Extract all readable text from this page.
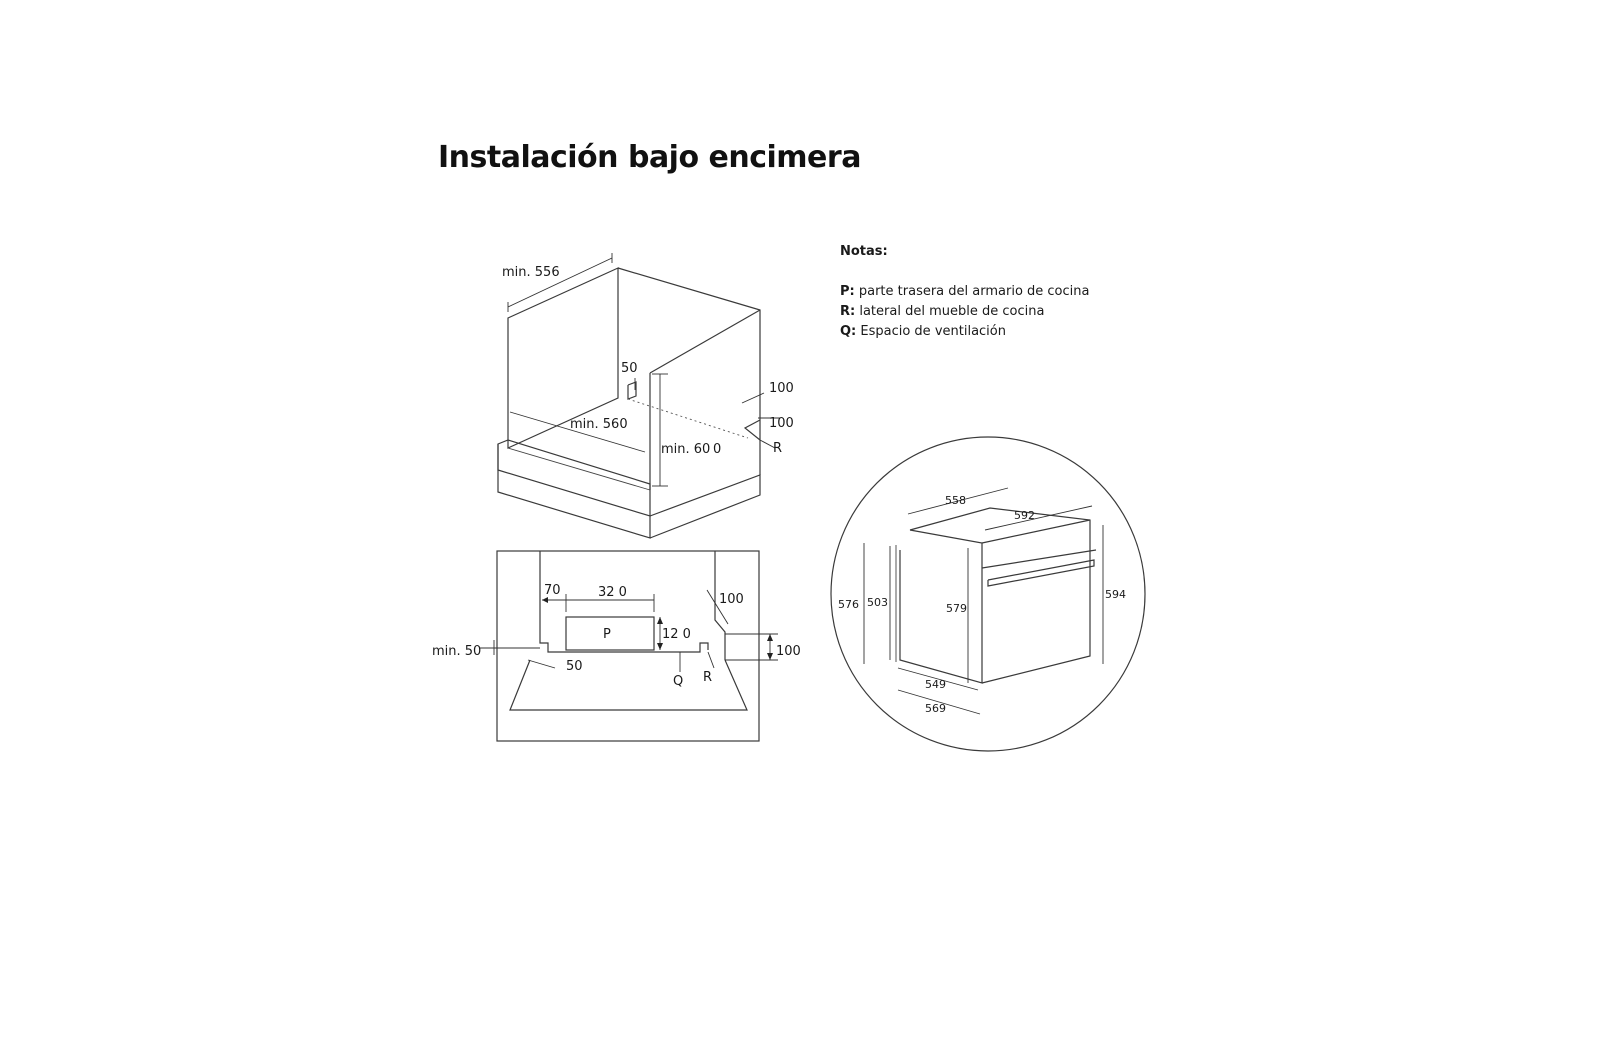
Instalación bajo encimera
Notas:
P: parte trasera del armario de cocina
R: lateral del mueble de cocina
Q: Espacio de ventilación
min. 556
50
min. 560
min. 60 0
100
100
R
70	32 0
P	12 0
100
100
min. 50
50
Q R
558
592
576 503	579
594
549
569
